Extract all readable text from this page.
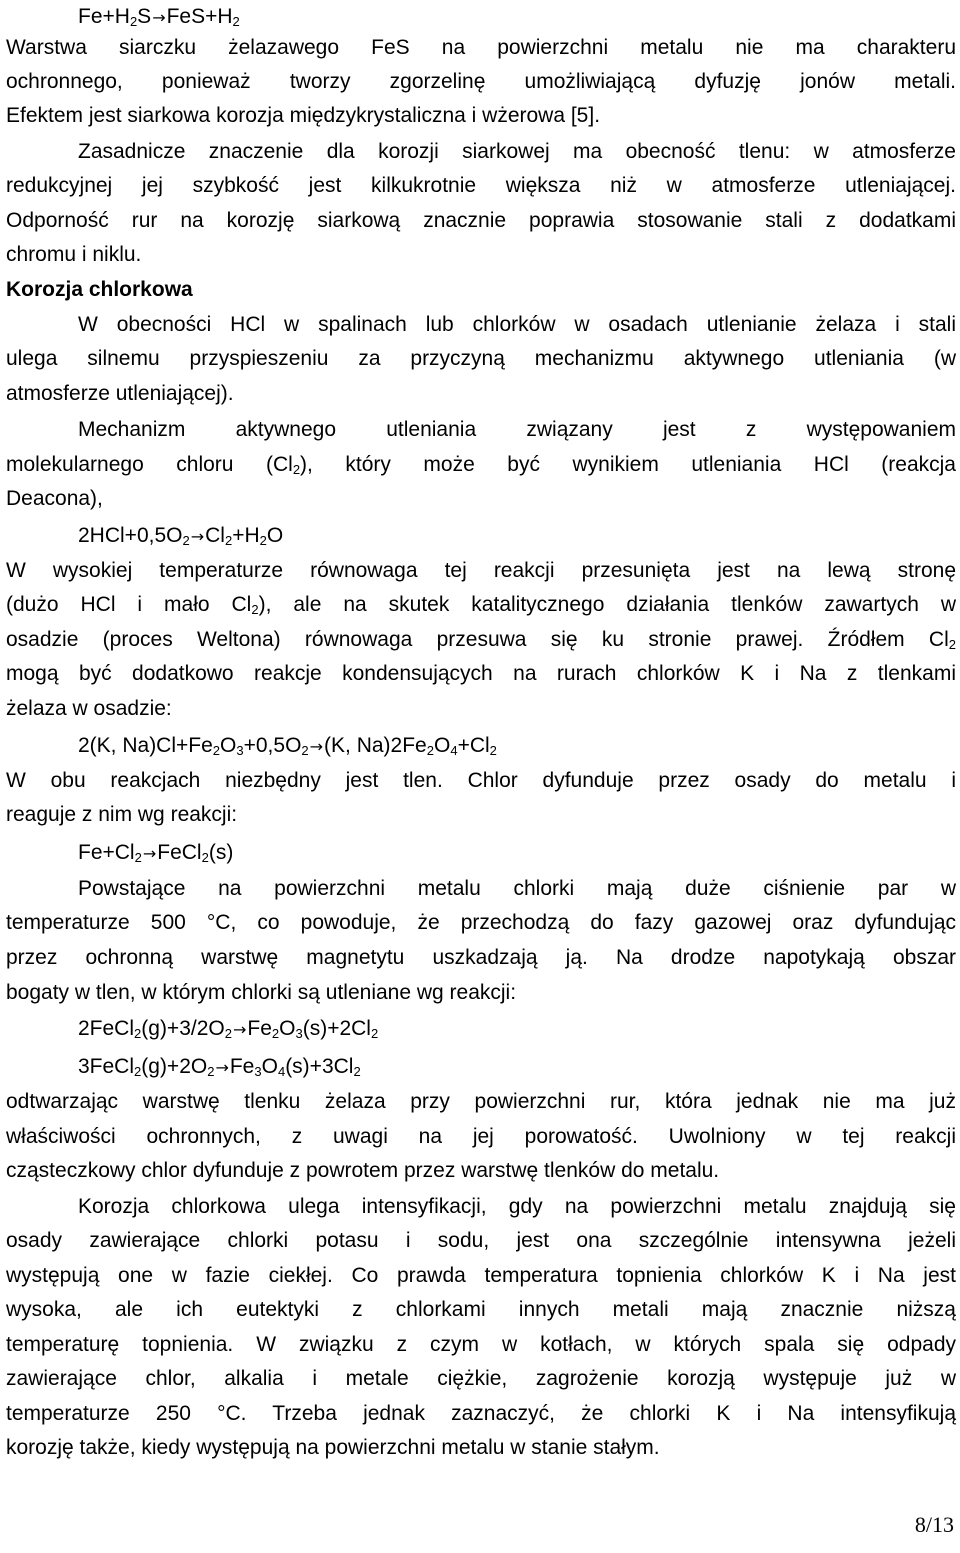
$Fe+H_2S\to FeS+H_2$
Warstwa siarczku żelazawego FeS na powierzchni metalu nie ma charakteru
ochronnego, ponieważ tworzy zgorzelinę umożliwiającą dyfuzję jonów metali.
Efektem jest siarkowa korozja międzykrystaliczna i wżerowa [5].
Zasadnicze znaczenie dla korozji siarkowej ma obecność tlenu: w atmosferze
redukcyjnej jej szybkość jest kilkukrotnie większa niż w atmosferze utleniającej.
Odporność rur na korozję siarkową znacznie poprawia stosowanie stali z dodatkami
chromu i niklu.
Korozja chlorkowa
W obecności HCl w spalinach lub chlorków w osadach utlenianie żelaza i stali
ulega silnemu przyspieszeniu za przyczyną mechanizmu aktywnego utleniania (w
atmosferze utleniającej).
Mechanizm aktywnego utleniania związany jest z występowaniem
molekularnego chloru $(Cl_2)$, który może być wynikiem utleniania HCl (reakcja
Deacona),
$2HCl+0,5O_2\to Cl_2+H_2O$
W wysokiej temperaturze równowaga tej reakcji przesunięta jest na lewą stronę
(dużo HCl i mało $Cl_2$), ale na skutek katalitycznego działania tlenków zawartych w
osadzie (proces Weltona) równowaga przesuwa się ku stronie prawej. Źródłem $Cl_2$
mogą być dodatkowo reakcje kondensujących na rurach chlorków K i Na z tlenkami
żelaza w osadzie:
2(K, $Na)Cl+Fe_2O_3+0,5O_2\to(K$, $Na)2Fe_2O_4+Cl_2$
W obu reakcjach niezbędny jest tlen. Chlor dyfunduje przez osady do metalu i
reaguje z nim wg reakcji:
$Fe+Cl_2\to FeCl_2(s)$
Powstające na powierzchni metalu chlorki mają duże ciśnienie par w
temperaturze 500 °C, co powoduje, że przechodzą do fazy gazowej oraz dyfundując
przez ochronną warstwę magnetytu uszkadzają ją. Na drodze napotykają obszar
bogaty w tlen, w którym chlorki są utleniane wg reakcji:
$2FeCl_2(g)+3/2O_2\to Fe_2O_3(s)+2Cl_2$
$3FeCl_2(g)+2O_2\to Fe_3O_4(s)+3Cl_2$
odtwarzając warstwę tlenku żelaza przy powierzchni rur, która jednak nie ma już
właściwości ochronnych, z uwagi na jej porowatość. Uwolniony w tej reakcji
cząsteczkowy chlor dyfunduje z powrotem przez warstwę tlenków do metalu.
Korozja chlorkowa ulega intensyfikacji, gdy na powierzchni metalu znajdują się
osady zawierające chlorki potasu i sodu, jest ona szczególnie intensywna jeżeli
występują one w fazie ciekłej. Co prawda temperatura topnienia chlorków K i Na jest
wysoka, ale ich eutektyki z chlorkami innych metali mają znacznie niższą
temperaturę topnienia. W związku z czym w kotłach, w których spala się odpady
zawierające chlor, alkalia i metale ciężkie, zagrożenie korozją występuje już w
temperaturze 250 °C. Trzeba jednak zaznaczyć, że chlorki K i Na intensyfikują
korozję także, kiedy występują na powierzchni metalu w stanie stałym.
8/13
